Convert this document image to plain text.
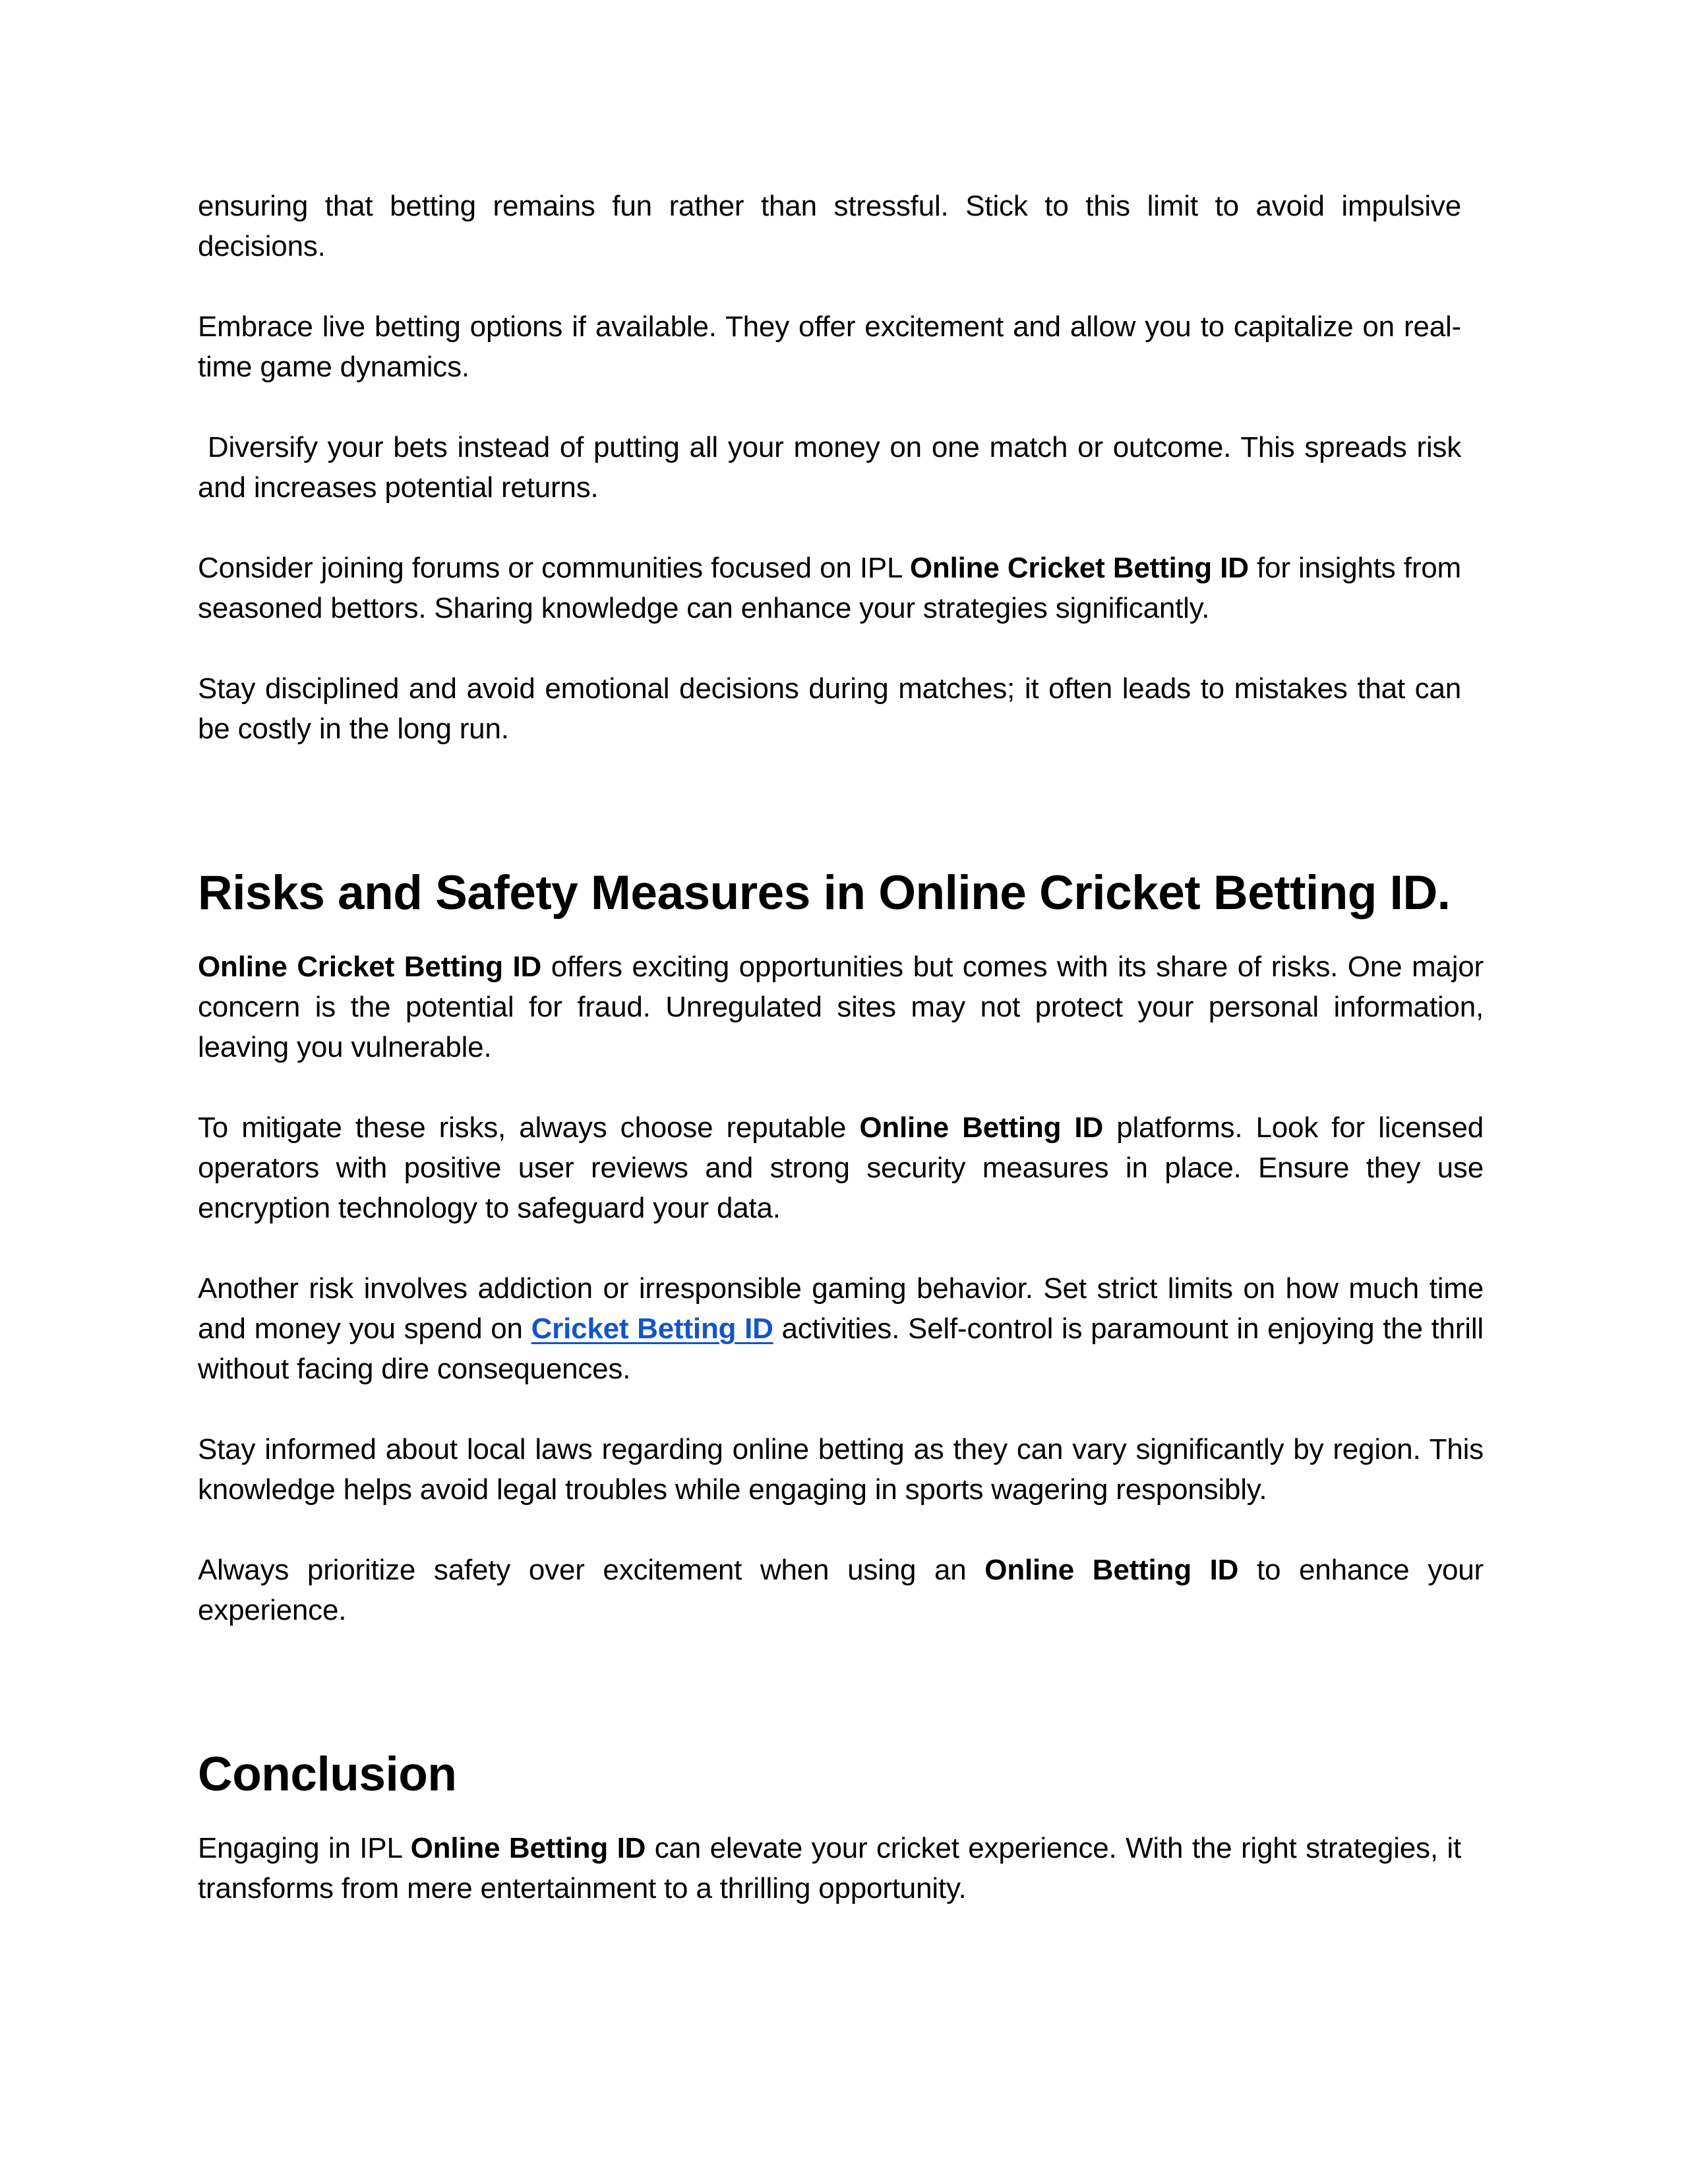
ensuring that betting remains fun rather than stressful. Stick to this limit to avoid impulsive decisions.

Embrace live betting options if available. They offer excitement and allow you to capitalize on real-time game dynamics.

Diversify your bets instead of putting all your money on one match or outcome. This spreads risk and increases potential returns.

Consider joining forums or communities focused on IPL Online Cricket Betting ID for insights from seasoned bettors. Sharing knowledge can enhance your strategies significantly.

Stay disciplined and avoid emotional decisions during matches; it often leads to mistakes that can be costly in the long run.

Risks and Safety Measures in Online Cricket Betting ID.

Online Cricket Betting ID offers exciting opportunities but comes with its share of risks. One major concern is the potential for fraud. Unregulated sites may not protect your personal information, leaving you vulnerable.

To mitigate these risks, always choose reputable Online Betting ID platforms. Look for licensed operators with positive user reviews and strong security measures in place. Ensure they use encryption technology to safeguard your data.

Another risk involves addiction or irresponsible gaming behavior. Set strict limits on how much time and money you spend on Cricket Betting ID activities. Self-control is paramount in enjoying the thrill without facing dire consequences.

Stay informed about local laws regarding online betting as they can vary significantly by region. This knowledge helps avoid legal troubles while engaging in sports wagering responsibly.

Always prioritize safety over excitement when using an Online Betting ID to enhance your experience.

Conclusion

Engaging in IPL Online Betting ID can elevate your cricket experience. With the right strategies, it transforms from mere entertainment to a thrilling opportunity.
